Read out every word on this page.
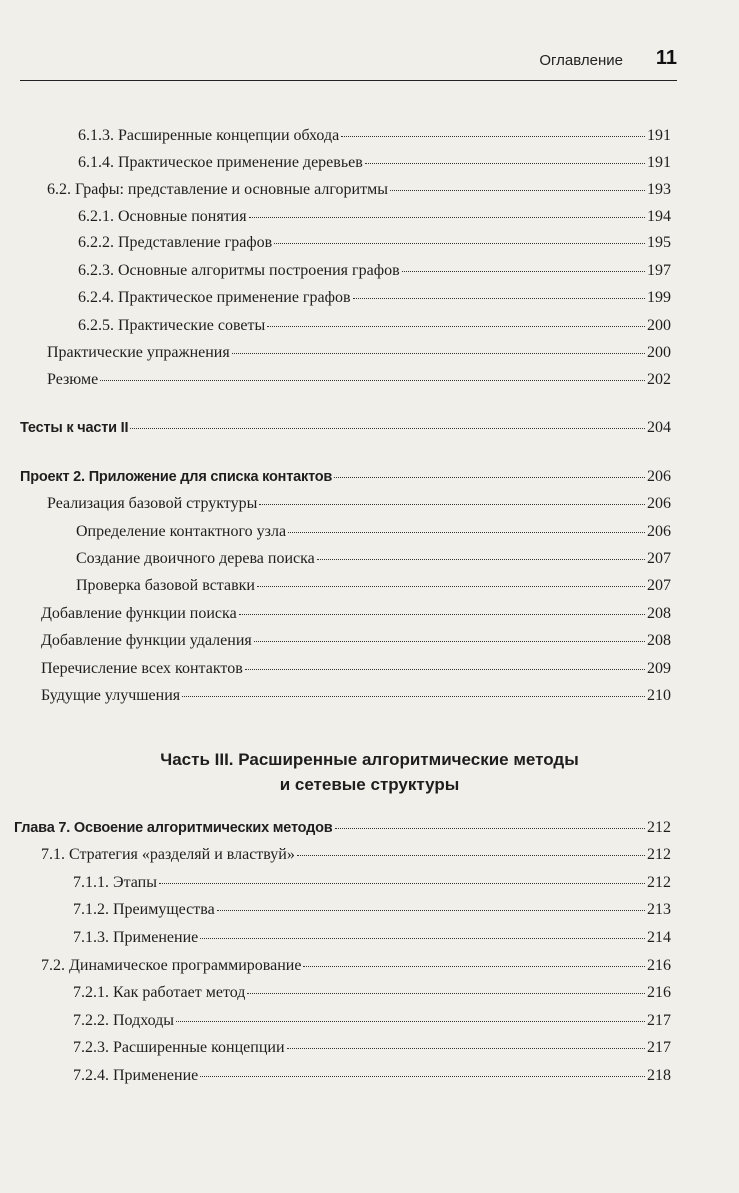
Оглавление 11
6.1.3. Расширенные концепции обхода	191
6.1.4. Практическое применение деревьев	191
6.2. Графы: представление и основные алгоритмы	193
6.2.1. Основные понятия	194
6.2.2. Представление графов	195
6.2.3. Основные алгоритмы построения графов	197
6.2.4. Практическое применение графов	199
6.2.5. Практические советы	200
Практические упражнения	200
Резюме	202
Тесты к части II	204
Проект 2. Приложение для списка контактов	206
Реализация базовой структуры	206
Определение контактного узла	206
Создание двоичного дерева поиска	207
Проверка базовой вставки	207
Добавление функции поиска	208
Добавление функции удаления	208
Перечисление всех контактов	209
Будущие улучшения	210
Часть III. Расширенные алгоритмические методы
и сетевые структуры
Глава 7. Освоение алгоритмических методов	212
7.1. Стратегия «разделяй и властвуй»	212
7.1.1. Этапы	212
7.1.2. Преимущества	213
7.1.3. Применение	214
7.2. Динамическое программирование	216
7.2.1. Как работает метод	216
7.2.2. Подходы	217
7.2.3. Расширенные концепции	217
7.2.4. Применение	218
